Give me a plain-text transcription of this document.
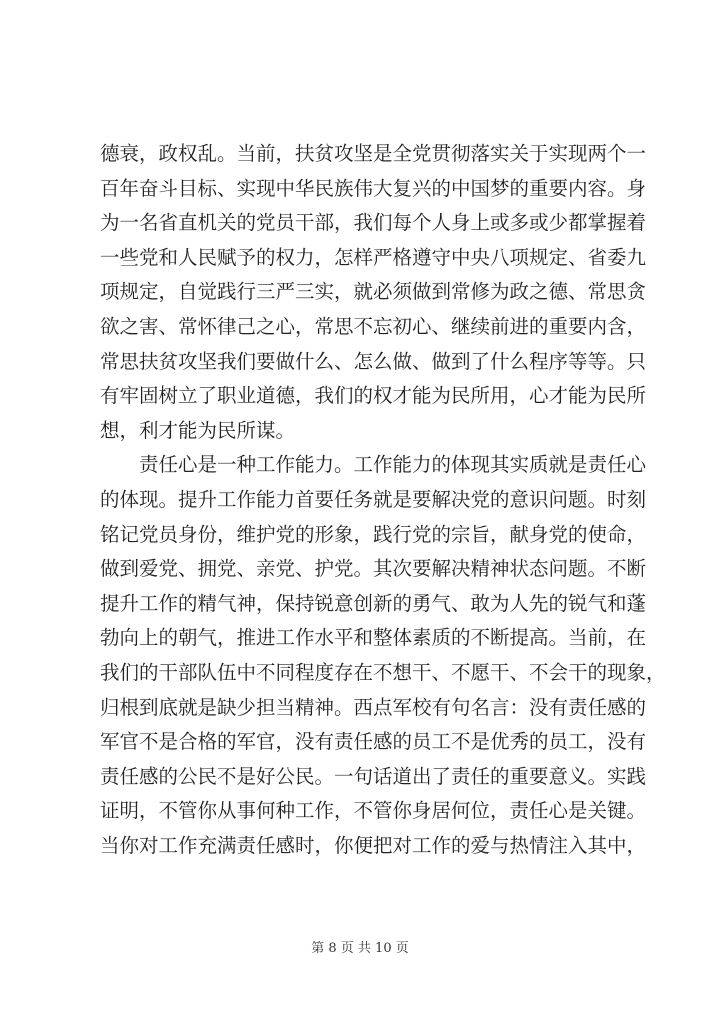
德衰，政权乱。当前，扶贫攻坚是全党贯彻落实关于实现两个一
百年奋斗目标、实现中华民族伟大复兴的中国梦的重要内容。身
为一名省直机关的党员干部，我们每个人身上或多或少都掌握着
一些党和人民赋予的权力，怎样严格遵守中央八项规定、省委九
项规定，自觉践行三严三实，就必须做到常修为政之德、常思贪
欲之害、常怀律己之心，常思不忘初心、继续前进的重要内含，
常思扶贫攻坚我们要做什么、怎么做、做到了什么程序等等。只
有牢固树立了职业道德，我们的权才能为民所用，心才能为民所
想，利才能为民所谋。
责任心是一种工作能力。工作能力的体现其实质就是责任心
的体现。提升工作能力首要任务就是要解决党的意识问题。时刻
铭记党员身份，维护党的形象，践行党的宗旨，献身党的使命，
做到爱党、拥党、亲党、护党。其次要解决精神状态问题。不断
提升工作的精气神，保持锐意创新的勇气、敢为人先的锐气和蓬
勃向上的朝气，推进工作水平和整体素质的不断提高。当前，在
我们的干部队伍中不同程度存在不想干、不愿干、不会干的现象，
归根到底就是缺少担当精神。西点军校有句名言：没有责任感的
军官不是合格的军官，没有责任感的员工不是优秀的员工，没有
责任感的公民不是好公民。一句话道出了责任的重要意义。实践
证明，不管你从事何种工作，不管你身居何位，责任心是关键。
当你对工作充满责任感时，你便把对工作的爱与热情注入其中，
第 8 页 共 10 页
